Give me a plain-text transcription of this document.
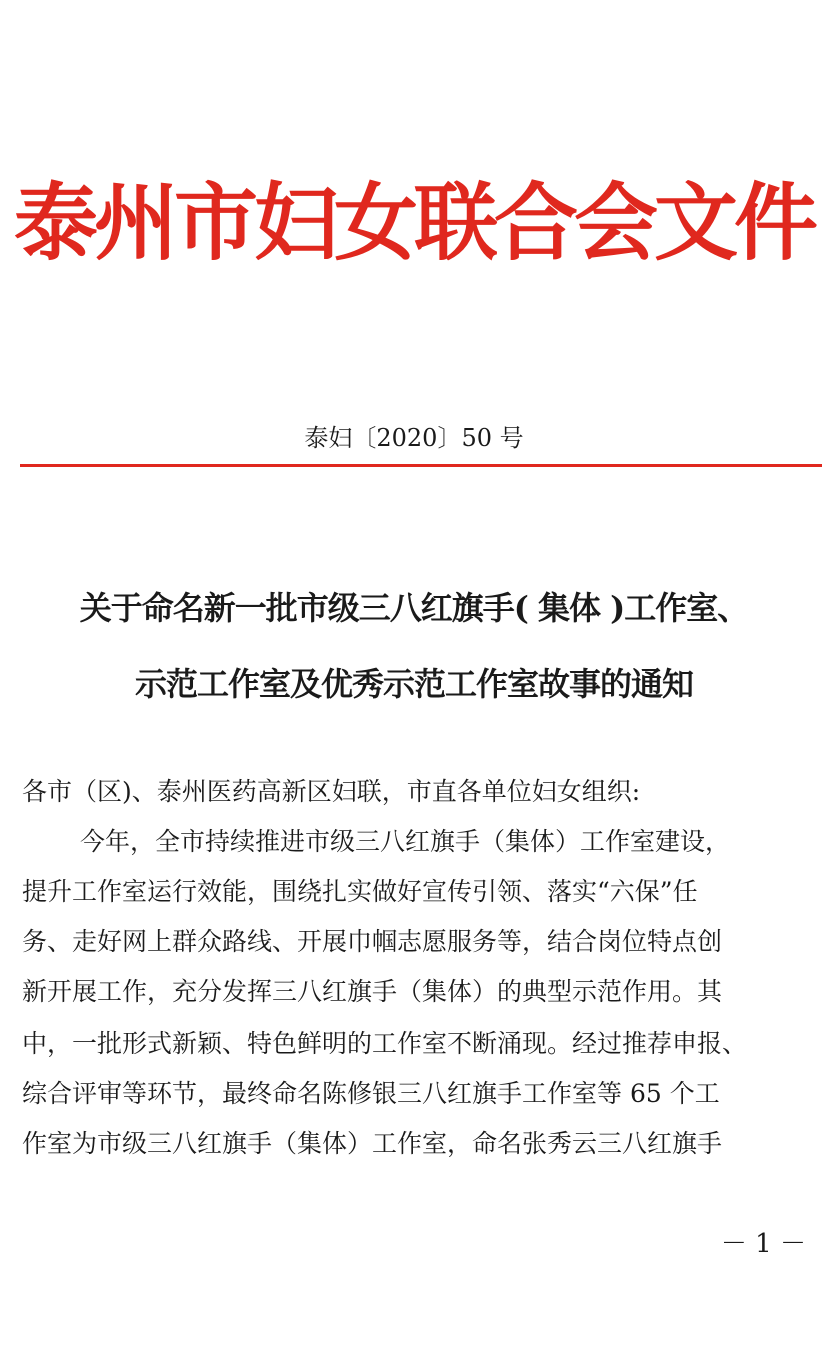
泰州市妇女联合会文件
泰妇〔2020〕50 号
关于命名新一批市级三八红旗手( 集体 )工作室、
示范工作室及优秀示范工作室故事的通知
各市（区)、泰州医药高新区妇联，市直各单位妇女组织:
今年，全市持续推进市级三八红旗手（集体）工作室建设，
提升工作室运行效能，围绕扎实做好宣传引领、落实“六保”任
务、走好网上群众路线、开展巾帼志愿服务等，结合岗位特点创
新开展工作，充分发挥三八红旗手（集体）的典型示范作用。其
中，一批形式新颖、特色鲜明的工作室不断涌现。经过推荐申报、
综合评审等环节，最终命名陈修银三八红旗手工作室等 65 个工
作室为市级三八红旗手（集体）工作室，命名张秀云三八红旗手
－ 1 －
